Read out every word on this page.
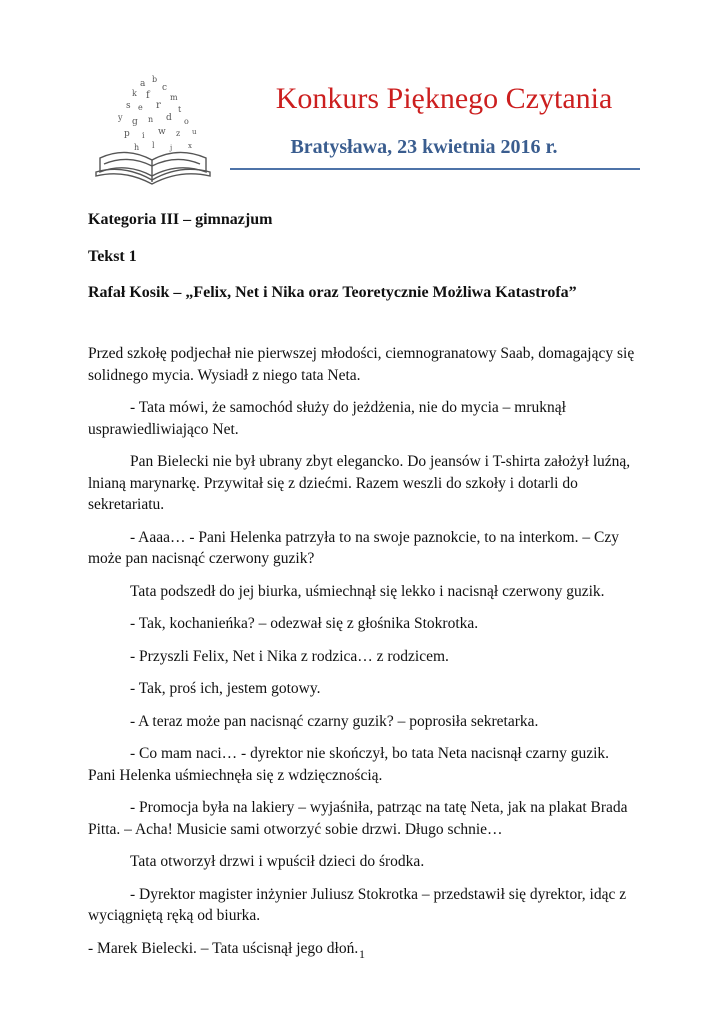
a b
c
k f	m
s e r t
y g n d o
p i w z u
h l j x
Konkurs Pięknego Czytania
Bratysława, 23 kwietnia 2016 r.
Kategoria III – gimnazjum
Tekst 1
Rafał Kosik – „Felix, Net i Nika oraz Teoretycznie Możliwa Katastrofa”

Przed szkołę podjechał nie pierwszej młodości, ciemnogranatowy Saab, domagający się solidnego mycia. Wysiadł z niego tata Neta.

- Tata mówi, że samochód służy do jeżdżenia, nie do mycia – mruknął usprawiedliwiająco Net.

Pan Bielecki nie był ubrany zbyt elegancko. Do jeansów i T-shirta założył luźną, lnianą marynarkę. Przywitał się z dziećmi. Razem weszli do szkoły i dotarli do sekretariatu.

- Aaaa… - Pani Helenka patrzyła to na swoje paznokcie, to na interkom. – Czy może pan nacisnąć czerwony guzik?

Tata podszedł do jej biurka, uśmiechnął się lekko i nacisnął czerwony guzik.

- Tak, kochanieńka? – odezwał się z głośnika Stokrotka.

- Przyszli Felix, Net i Nika z rodzica… z rodzicem.

- Tak, proś ich, jestem gotowy.

- A teraz może pan nacisnąć czarny guzik? – poprosiła sekretarka.

- Co mam naci… - dyrektor nie skończył, bo tata Neta nacisnął czarny guzik. Pani Helenka uśmiechnęła się z wdzięcznością.

- Promocja była na lakiery – wyjaśniła, patrząc na tatę Neta, jak na plakat Brada Pitta. – Acha! Musicie sami otworzyć sobie drzwi. Długo schnie…

Tata otworzył drzwi i wpuścił dzieci do środka.

- Dyrektor magister inżynier Juliusz Stokrotka – przedstawił się dyrektor, idąc z wyciągniętą ręką od biurka.

- Marek Bielecki. – Tata uścisnął jego dłoń. 1
